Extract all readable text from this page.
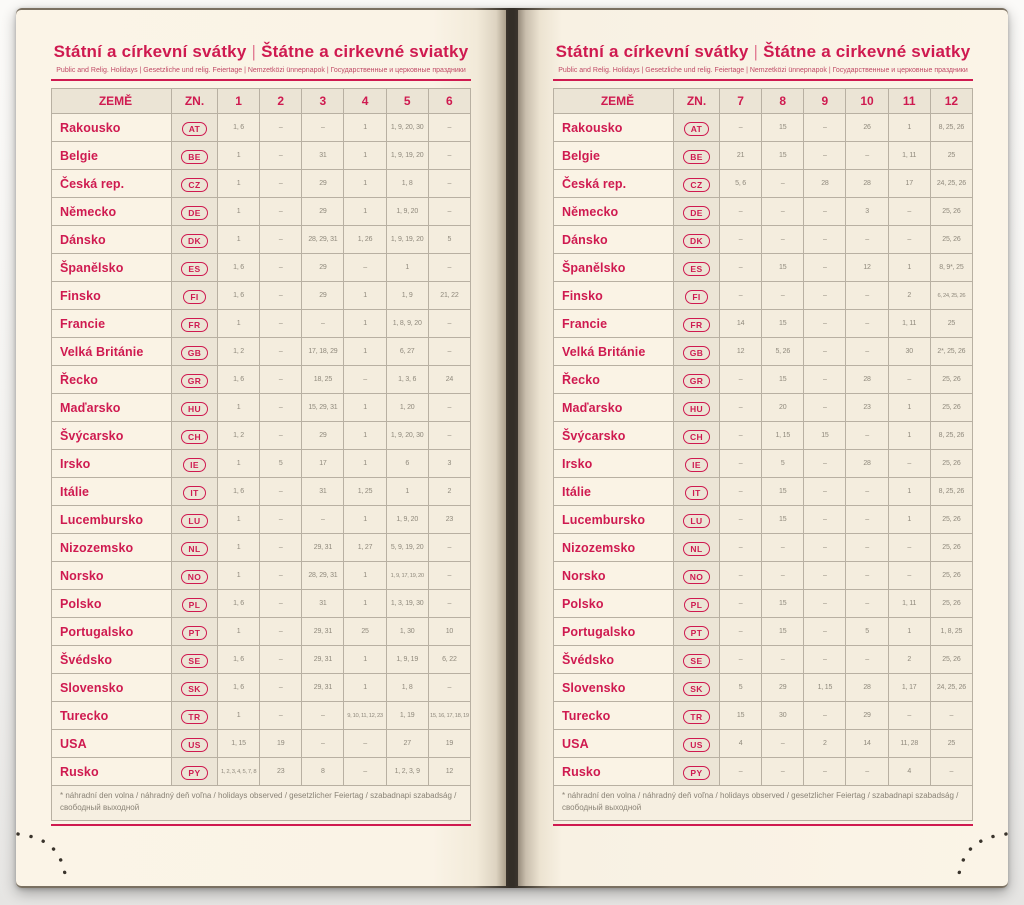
Státní a církevní svátky | Štátne a cirkevné sviatky
Public and Relig. Holidays | Gesetzliche und relig. Feiertage | Nemzetközi ünnepnapok | Государственные и церковные праздники
ZEMĚ	ZN.	1	2	3	4	5	6
Rakousko	AT	1, 6	–	–	1	1, 9, 20, 30	–
Belgie	BE	1	–	31	1	1, 9, 19, 20	–
Česká rep.	CZ	1	–	29	1	1, 8	–
Německo	DE	1	–	29	1	1, 9, 20	–
Dánsko	DK	1	–	28, 29, 31	1, 26	1, 9, 19, 20	5
Španělsko	ES	1, 6	–	29	–	1	–
Finsko	FI	1, 6	–	29	1	1, 9	21, 22
Francie	FR	1	–	–	1	1, 8, 9, 20	–
Velká Británie	GB	1, 2	–	17, 18, 29	1	6, 27	–
Řecko	GR	1, 6	–	18, 25	–	1, 3, 6	24
Maďarsko	HU	1	–	15, 29, 31	1	1, 20	–
Švýcarsko	CH	1, 2	–	29	1	1, 9, 20, 30	–
Irsko	IE	1	5	17	1	6	3
Itálie	IT	1, 6	–	31	1, 25	1	2
Lucembursko	LU	1	–	–	1	1, 9, 20	23
Nizozemsko	NL	1	–	29, 31	1, 27	5, 9, 19, 20	–
Norsko	NO	1	–	28, 29, 31	1	1, 9, 17, 19, 20	–
Polsko	PL	1, 6	–	31	1	1, 3, 19, 30	–
Portugalsko	PT	1	–	29, 31	25	1, 30	10
Švédsko	SE	1, 6	–	29, 31	1	1, 9, 19	6, 22
Slovensko	SK	1, 6	–	29, 31	1	1, 8	–
Turecko	TR	1	–	–	9, 10, 11, 12, 23	1, 19	15, 16, 17, 18, 19
USA	US	1, 15	19	–	–	27	19
Rusko	PY	1, 2, 3, 4, 5, 7, 8	23	8	–	1, 2, 3, 9	12
* náhradní den volna / náhradný deň voľna / holidays observed / gesetzlicher Feiertag / szabadnapi szabadság / свободный выходной							
Státní a církevní svátky | Štátne a cirkevné sviatky
Public and Relig. Holidays | Gesetzliche und relig. Feiertage | Nemzetközi ünnepnapok | Государственные и церковные праздники
ZEMĚ	ZN.	7	8	9	10	11	12
Rakousko	AT	–	15	–	26	1	8, 25, 26
Belgie	BE	21	15	–	–	1, 11	25
Česká rep.	CZ	5, 6	–	28	28	17	24, 25, 26
Německo	DE	–	–	–	3	–	25, 26
Dánsko	DK	–	–	–	–	–	25, 26
Španělsko	ES	–	15	–	12	1	8, 9*, 25
Finsko	FI	–	–	–	–	2	6, 24, 25, 26
Francie	FR	14	15	–	–	1, 11	25
Velká Británie	GB	12	5, 26	–	–	30	2*, 25, 26
Řecko	GR	–	15	–	28	–	25, 26
Maďarsko	HU	–	20	–	23	1	25, 26
Švýcarsko	CH	–	1, 15	15	–	1	8, 25, 26
Irsko	IE	–	5	–	28	–	25, 26
Itálie	IT	–	15	–	–	1	8, 25, 26
Lucembursko	LU	–	15	–	–	1	25, 26
Nizozemsko	NL	–	–	–	–	–	25, 26
Norsko	NO	–	–	–	–	–	25, 26
Polsko	PL	–	15	–	–	1, 11	25, 26
Portugalsko	PT	–	15	–	5	1	1, 8, 25
Švédsko	SE	–	–	–	–	2	25, 26
Slovensko	SK	5	29	1, 15	28	1, 17	24, 25, 26
Turecko	TR	15	30	–	29	–	–
USA	US	4	–	2	14	11, 28	25
Rusko	PY	–	–	–	–	4	–
* náhradní den volna / náhradný deň voľna / holidays observed / gesetzlicher Feiertag / szabadnapi szabadság / свободный выходной							
